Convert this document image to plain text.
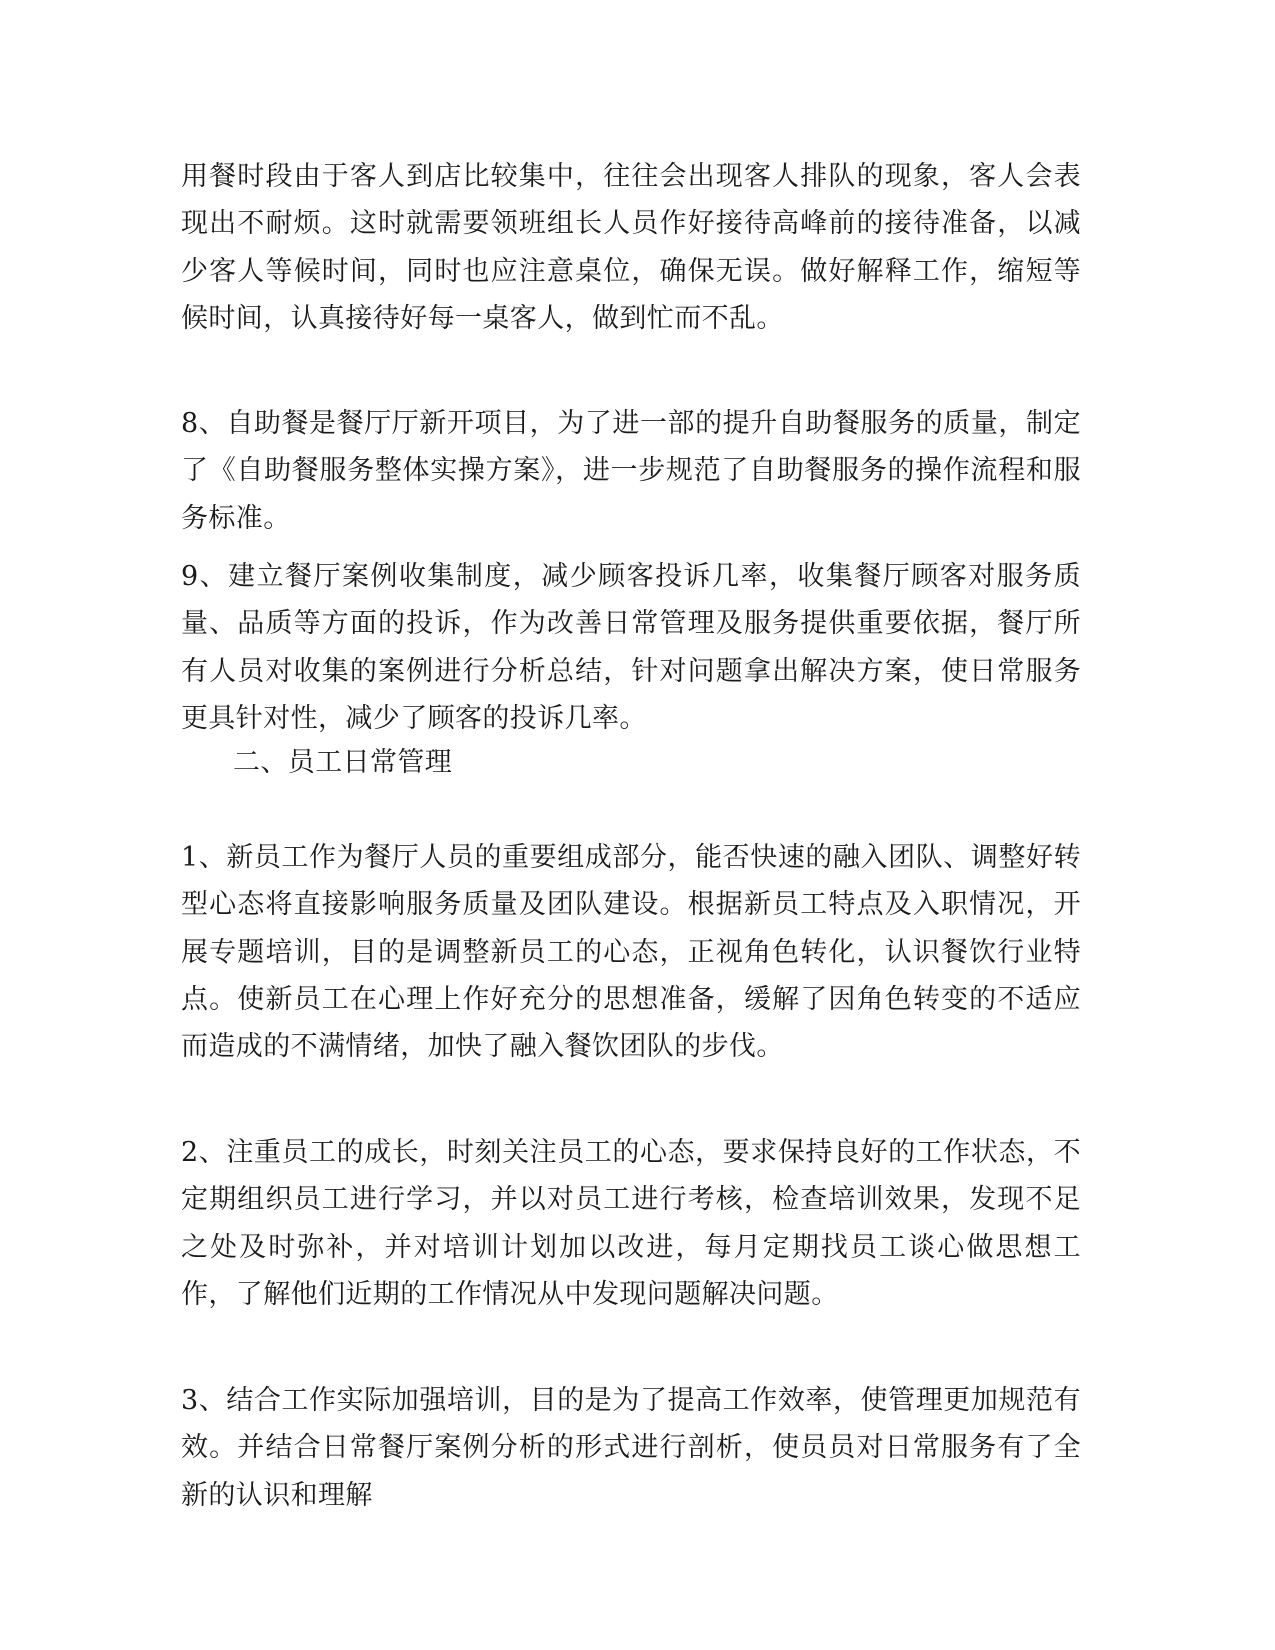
用餐时段由于客人到店比较集中，往往会出现客人排队的现象，客人会表现出不耐烦。这时就需要领班组长人员作好接待高峰前的接待准备，以减少客人等候时间，同时也应注意桌位，确保无误。做好解释工作，缩短等候时间，认真接待好每一桌客人，做到忙而不乱。

8、自助餐是餐厅厅新开项目，为了进一部的提升自助餐服务的质量，制定了《自助餐服务整体实操方案》，进一步规范了自助餐服务的操作流程和服务标准。

9、建立餐厅案例收集制度，减少顾客投诉几率，收集餐厅顾客对服务质量、品质等方面的投诉，作为改善日常管理及服务提供重要依据，餐厅所有人员对收集的案例进行分析总结，针对问题拿出解决方案，使日常服务更具针对性，减少了顾客的投诉几率。

二、员工日常管理

1、新员工作为餐厅人员的重要组成部分，能否快速的融入团队、调整好转型心态将直接影响服务质量及团队建设。根据新员工特点及入职情况，开展专题培训，目的是调整新员工的心态，正视角色转化，认识餐饮行业特点。使新员工在心理上作好充分的思想准备，缓解了因角色转变的不适应而造成的不满情绪，加快了融入餐饮团队的步伐。

2、注重员工的成长，时刻关注员工的心态，要求保持良好的工作状态，不定期组织员工进行学习，并以对员工进行考核，检查培训效果，发现不足之处及时弥补，并对培训计划加以改进，每月定期找员工谈心做思想工作，了解他们近期的工作情况从中发现问题解决问题。

3、结合工作实际加强培训，目的是为了提高工作效率，使管理更加规范有效。并结合日常餐厅案例分析的形式进行剖析，使员员对日常服务有了全新的认识和理解
